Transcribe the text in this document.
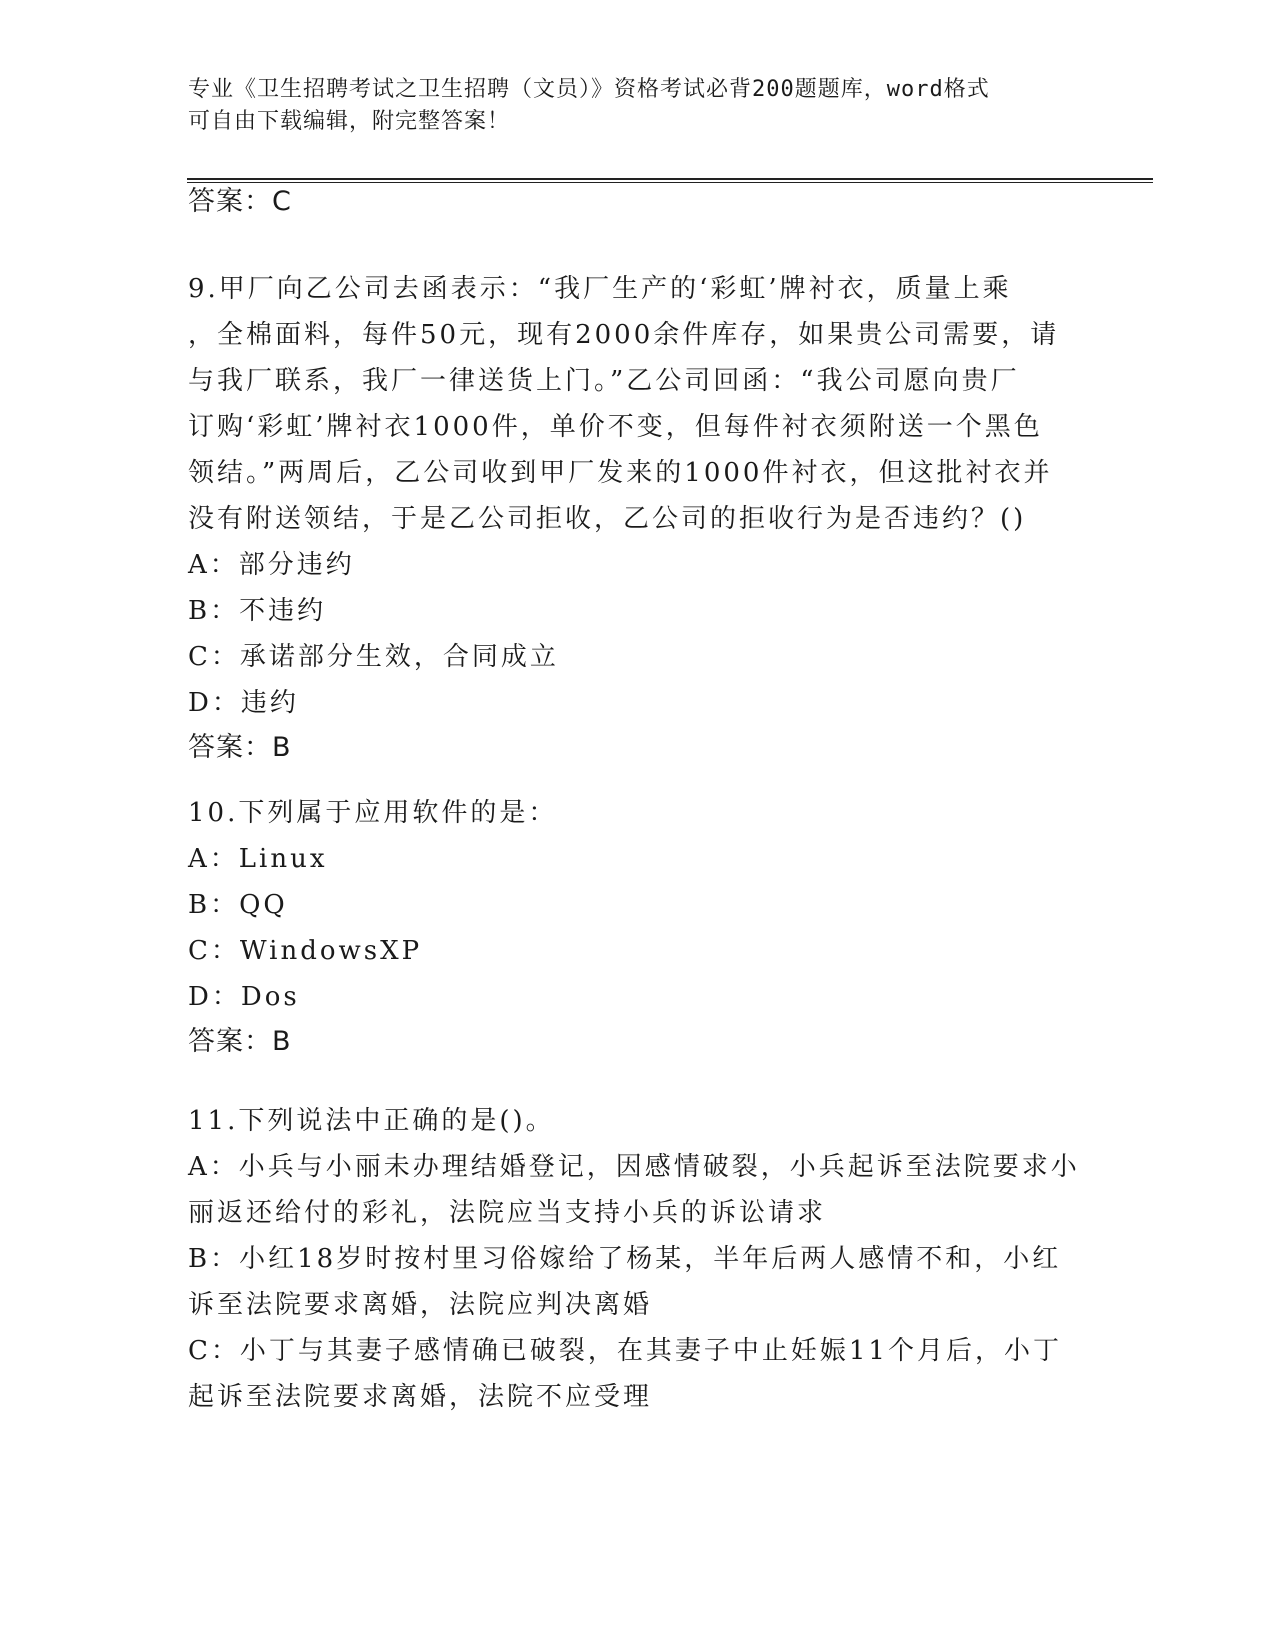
专业《卫生招聘考试之卫生招聘（文员）》资格考试必背200题题库，word格式
可自由下载编辑，附完整答案！
答案：C
9.甲厂向乙公司去函表示：“我厂生产的‘彩虹’牌衬衣，质量上乘
，全棉面料，每件50元，现有2000余件库存，如果贵公司需要，请
与我厂联系，我厂一律送货上门。”乙公司回函：“我公司愿向贵厂
订购‘彩虹’牌衬衣1000件，单价不变，但每件衬衣须附送一个黑色
领结。”两周后，乙公司收到甲厂发来的1000件衬衣，但这批衬衣并
没有附送领结，于是乙公司拒收，乙公司的拒收行为是否违约？()
A：部分违约
B：不违约
C：承诺部分生效，合同成立
D：违约
答案：B
10.下列属于应用软件的是：
A：Linux
B：QQ
C：WindowsXP
D：Dos
答案：B
11.下列说法中正确的是()。
A：小兵与小丽未办理结婚登记，因感情破裂，小兵起诉至法院要求小
丽返还给付的彩礼，法院应当支持小兵的诉讼请求
B：小红18岁时按村里习俗嫁给了杨某，半年后两人感情不和，小红
诉至法院要求离婚，法院应判决离婚
C：小丁与其妻子感情确已破裂，在其妻子中止妊娠11个月后，小丁
起诉至法院要求离婚，法院不应受理
